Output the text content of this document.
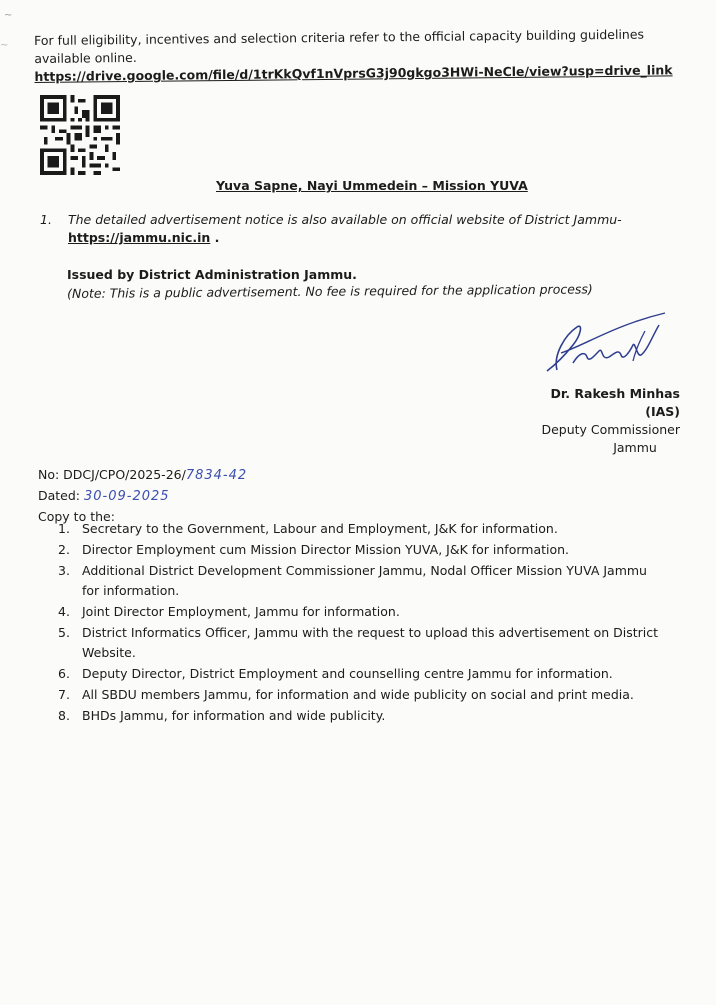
~
~ For full eligibility, incentives and selection criteria refer to the official capacity building guidelines available online.
https://drive.google.com/file/d/1trKkQvf1nVprsG3j90gkgo3HWi-NeCle/view?usp=drive_link
Yuva Sapne, Nayi Ummedein – Mission YUVA
1. The detailed advertisement notice is also available on official website of District Jammu-
https://jammu.nic.in .
Issued by District Administration Jammu.
(Note: This is a public advertisement. No fee is required for the application process)
Dr. Rakesh Minhas (IAS)
Deputy Commissioner
Jammu
No: DDCJ/CPO/2025-26/7834-42
Dated: 30-09-2025
Copy to the:
1. Secretary to the Government, Labour and Employment, J&K for information.
2. Director Employment cum Mission Director Mission YUVA, J&K for information.
3. Additional District Development Commissioner Jammu, Nodal Officer Mission YUVA Jammu for information.
4. Joint Director Employment, Jammu for information.
5. District Informatics Officer, Jammu with the request to upload this advertisement on District Website.
6. Deputy Director, District Employment and counselling centre Jammu for information.
7. All SBDU members Jammu, for information and wide publicity on social and print media.
8. BHDs Jammu, for information and wide publicity.
